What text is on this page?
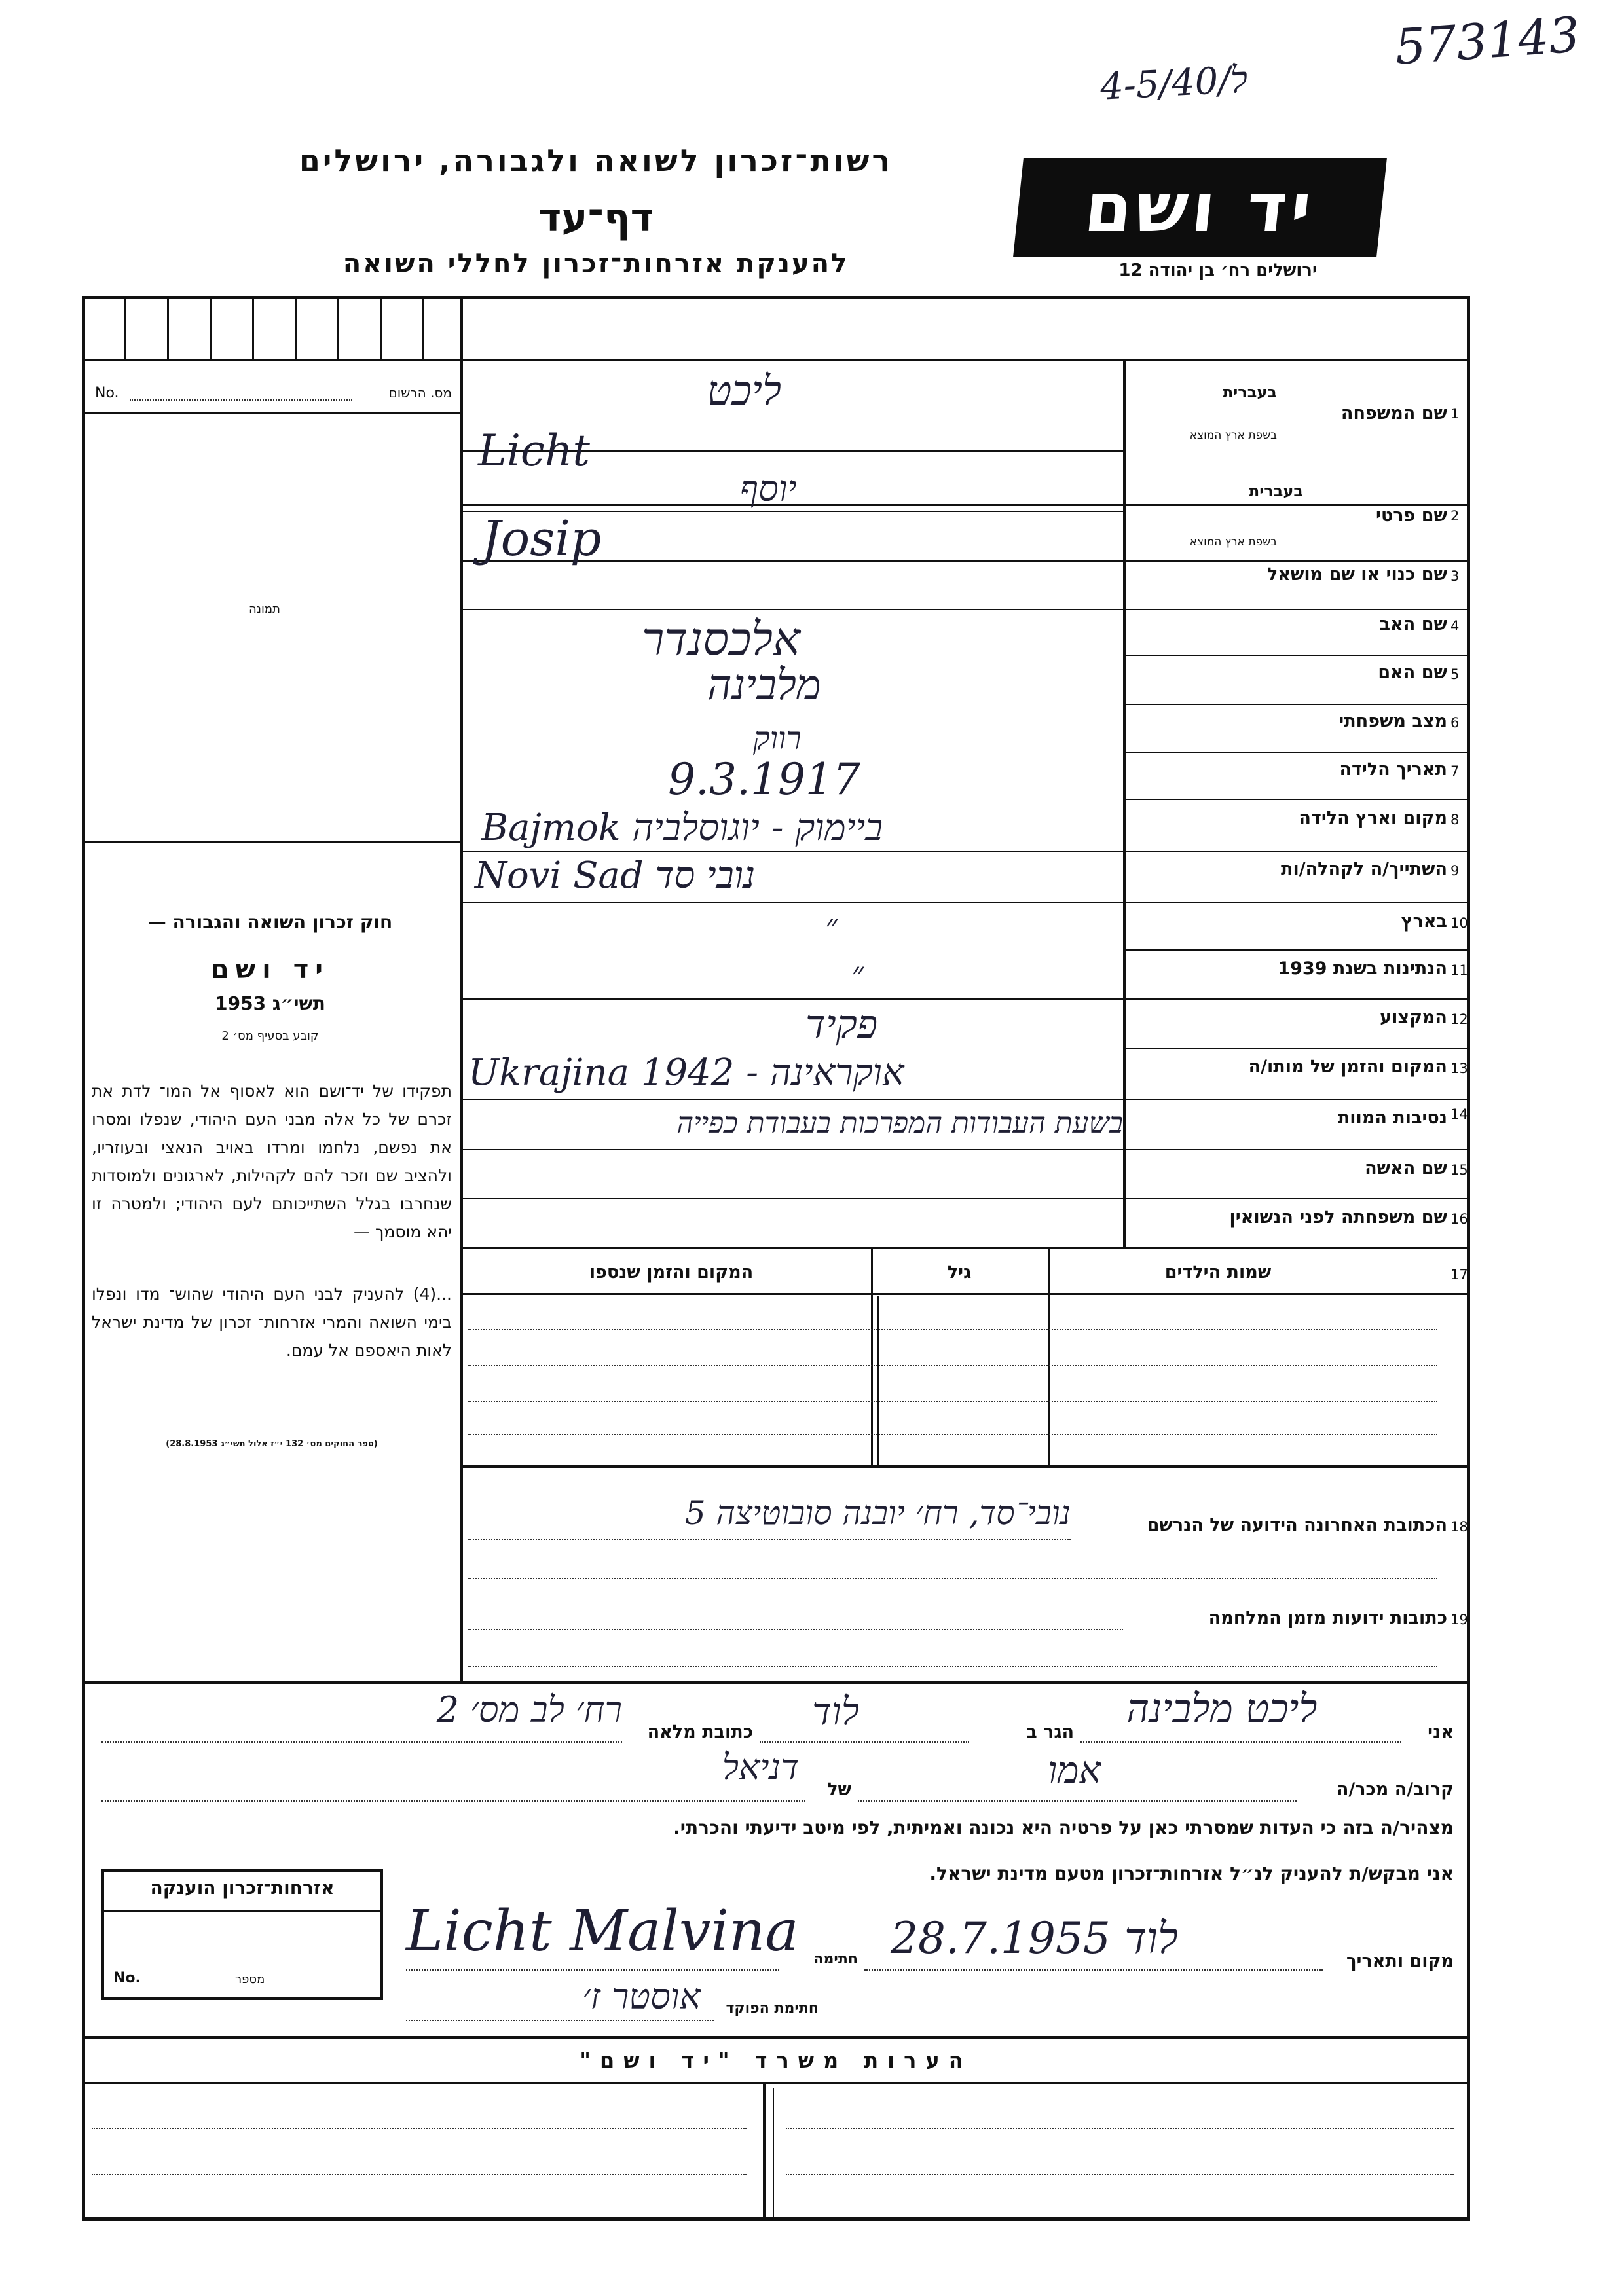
573143
4-5/40/ל
רשות־זכרון לשואה ולגבורה, ירושלים
דף־עד
להענקת אזרחות־זכרון לחללי השואה
יד ושם
ירושלים רח׳ בן יהודה 12
No.	מס. הרשום
תמונה
חוק זכרון השואה והגבורה —
יד ושם
תשי״ג 1953
קובע בסעיף מס׳ 2
תפקידו של יד־ושם הוא לאסוף אל המו־ לדת את זכרם של כל אלה מבני העם היהודי, שנפלו ומסרו את נפשם, נלחמו ומרדו באויב הנאצי ובעוזריו, ולהציב שם וזכר להם לקהילות, לארגונים ולמוסדות שנחרבו בגלל השתייכותם לעם היהודי; ולמטרה זו יהא מוסמך —
...(4) להעניק לבני העם היהודי שהוש־ מדו ונפלו בימי השואה והמרי אזרחות־ זכרון של מדינת ישראל לאות היאספם אל עמם.
(ספר החוקים מס׳ 132 י״ז אלול תשי״ג 28.8.1953)
1
שם המשפחה
בעברית
בשפת ארץ המוצא
ליכט
Licht
2
שם פרטי
בעברית
בשפת ארץ המוצא
יוסף
Josip
3
שם כנוי או שם מושאל
4
שם האב
אלכסנדר
5
שם האם
מלבינה
6
מצב משפחתי
רווק
7
תאריך הלידה
9.3.1917
8
מקום וארץ הלידה
Bajmok ביימוק - יוגוסלביה
9
השתייך/ה לקהלה/ות
Novi Sad נובי סד
10
בארץ
״
11
הנתינות בשנת 1939
״
12
המקצוע
פקיד
13
המקום והזמן של מותו/ה
Ukrajina 1942 - אוקראינה
14
נסיבות המוות
בשעת העבודות המפרכות בעבודת כפייה
15
שם האשה
16
שם משפחתה לפני הנשואין
17
שמות הילדים
גיל
המקום והזמן שנספו
18
הכתובת האחרונה הידועה של הנרשם
נובי־סד, רח׳ יובנה סובוטיצה 5
19
כתובות ידועות מזמן המלחמה
אני
ליכט מלבינה
הגר ב
לוד
כתובת מלאה
רח׳ לב מס׳ 2
קרוב/ה מכר/ה
אמו
של
דניאל
מצהיר/ה בזה כי העדות שמסרתי כאן על פרטיה היא נכונה ואמיתית, לפי מיטב ידיעתי והכרתי.
אני מבקש/ת להעניק לנ״ל אזרחות־זכרון מטעם מדינת ישראל.
מקום ותאריך
לוד 28.7.1955
חתימה
Licht Malvina
חתימת הפוקד
אוסטר ז׳
אזרחות־זכרון הוענקה
No.	מספר
הערות משרד "יד ושם"
